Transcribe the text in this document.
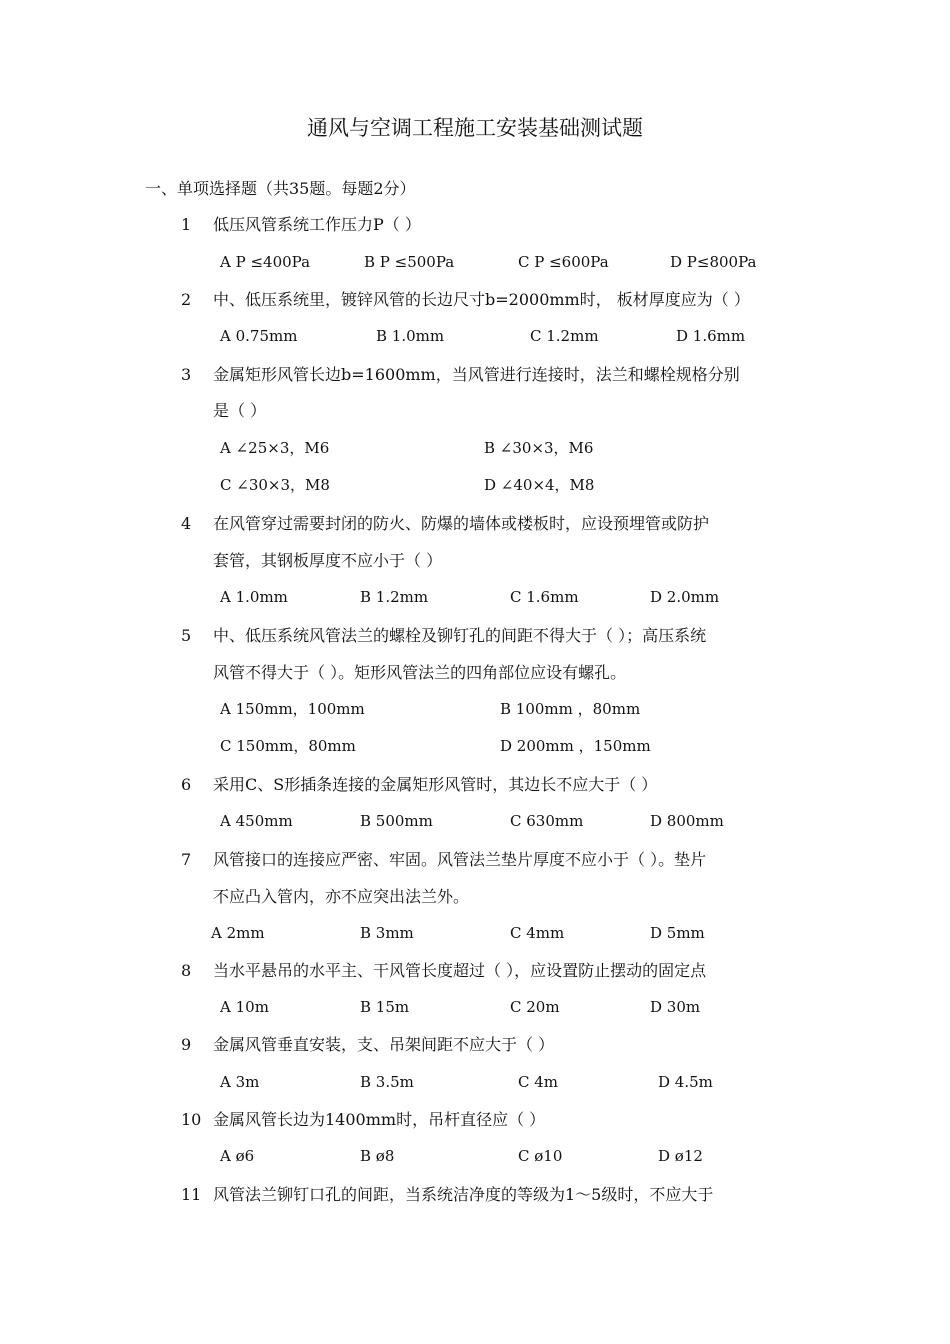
通风与空调工程施工安装基础测试题
一、单项选择题（共35题。每题2分）
1	低压风管系统工作压力P（ ）
A P ≤400Pa	B P ≤500Pa	C P ≤600Pa	D P≤800Pa
2	中、低压系统里，镀锌风管的长边尺寸b=2000mm时， 板材厚度应为（ ）
A 0.75mm	B 1.0mm	C 1.2mm	D 1.6mm
3	金属矩形风管长边b=1600mm，当风管进行连接时，法兰和螺栓规格分别
是（ ）
A ∠25×3，M6	B ∠30×3，M6
C ∠30×3，M8	D ∠40×4，M8
4	在风管穿过需要封闭的防火、防爆的墙体或楼板时，应设预埋管或防护
套管，其钢板厚度不应小于（ ）
A 1.0mm	B 1.2mm	C 1.6mm	D 2.0mm
5	中、低压系统风管法兰的螺栓及铆钉孔的间距不得大于（ ）；高压系统
风管不得大于（ ）。矩形风管法兰的四角部位应设有螺孔。
A 150mm，100mm	B 100mm ，80mm
C 150mm，80mm	D 200mm ，150mm
6	采用C、S形插条连接的金属矩形风管时，其边长不应大于（ ）
A 450mm	B 500mm	C 630mm	D 800mm
7	风管接口的连接应严密、牢固。风管法兰垫片厚度不应小于（ ）。垫片
不应凸入管内，亦不应突出法兰外。
A 2mm	B 3mm	C 4mm	D 5mm
8	当水平悬吊的水平主、干风管长度超过（ ），应设置防止摆动的固定点
A 10m	B 15m	C 20m	D 30m
9	金属风管垂直安装，支、吊架间距不应大于（ ）
A 3m	B 3.5m	C 4m	D 4.5m
10 金属风管长边为1400mm时，吊杆直径应（ ）
A ø6	B ø8	C ø10	D ø12
11 风管法兰铆钉口孔的间距，当系统洁净度的等级为1～5级时，不应大于
